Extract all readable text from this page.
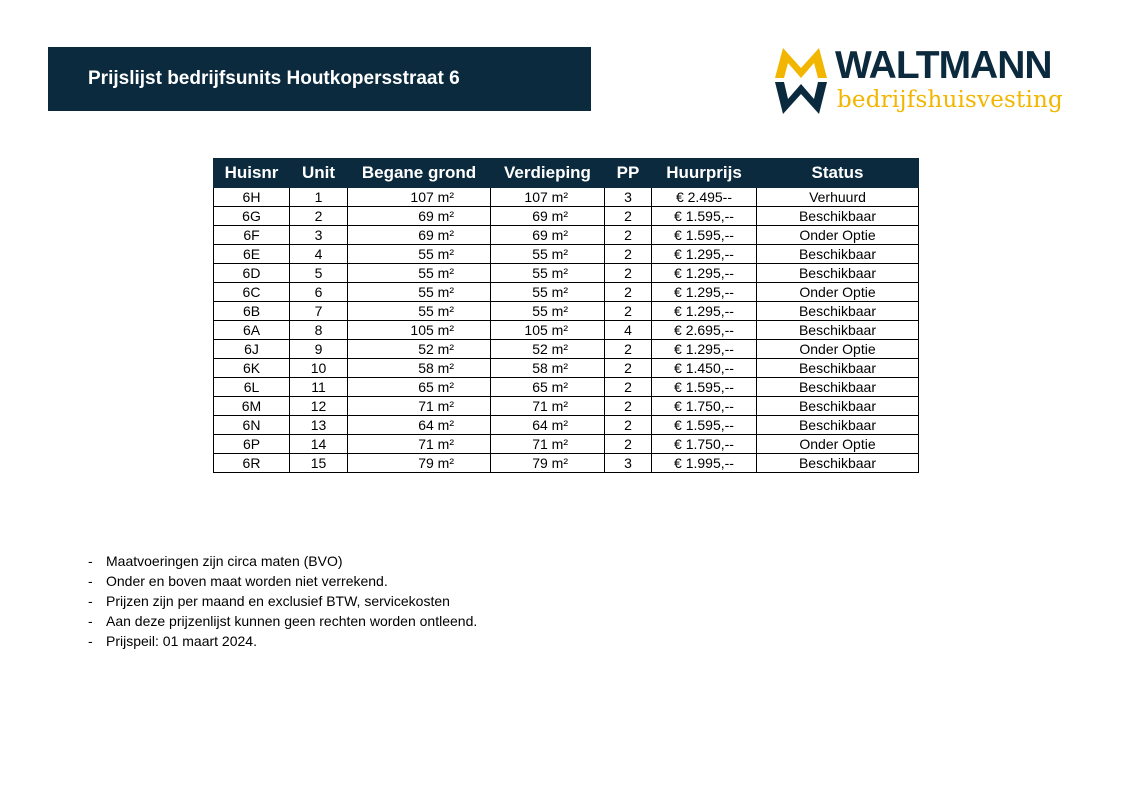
Prijslijst bedrijfsunits Houtkopersstraat 6	WALTMANN
bedrijfshuisvesting
Huisnr	Unit	Begane grond	Verdieping	PP	Huurprijs	Status
6H	1	107 m²	107 m²	3	€ 2.495--	Verhuurd
6G	2	69 m²	69 m²	2	€ 1.595,--	Beschikbaar
6F	3	69 m²	69 m²	2	€ 1.595,--	Onder Optie
6E	4	55 m²	55 m²	2	€ 1.295,--	Beschikbaar
6D	5	55 m²	55 m²	2	€ 1.295,--	Beschikbaar
6C	6	55 m²	55 m²	2	€ 1.295,--	Onder Optie
6B	7	55 m²	55 m²	2	€ 1.295,--	Beschikbaar
6A	8	105 m²	105 m²	4	€ 2.695,--	Beschikbaar
6J	9	52 m²	52 m²	2	€ 1.295,--	Onder Optie
6K	10	58 m²	58 m²	2	€ 1.450,--	Beschikbaar
6L	11	65 m²	65 m²	2	€ 1.595,--	Beschikbaar
6M	12	71 m²	71 m²	2	€ 1.750,--	Beschikbaar
6N	13	64 m²	64 m²	2	€ 1.595,--	Beschikbaar
6P	14	71 m²	71 m²	2	€ 1.750,--	Onder Optie
6R	15	79 m²	79 m²	3	€ 1.995,--	Beschikbaar
- Maatvoeringen zijn circa maten (BVO)
- Onder en boven maat worden niet verrekend.
- Prijzen zijn per maand en exclusief BTW, servicekosten
- Aan deze prijzenlijst kunnen geen rechten worden ontleend.
- Prijspeil: 01 maart 2024.
